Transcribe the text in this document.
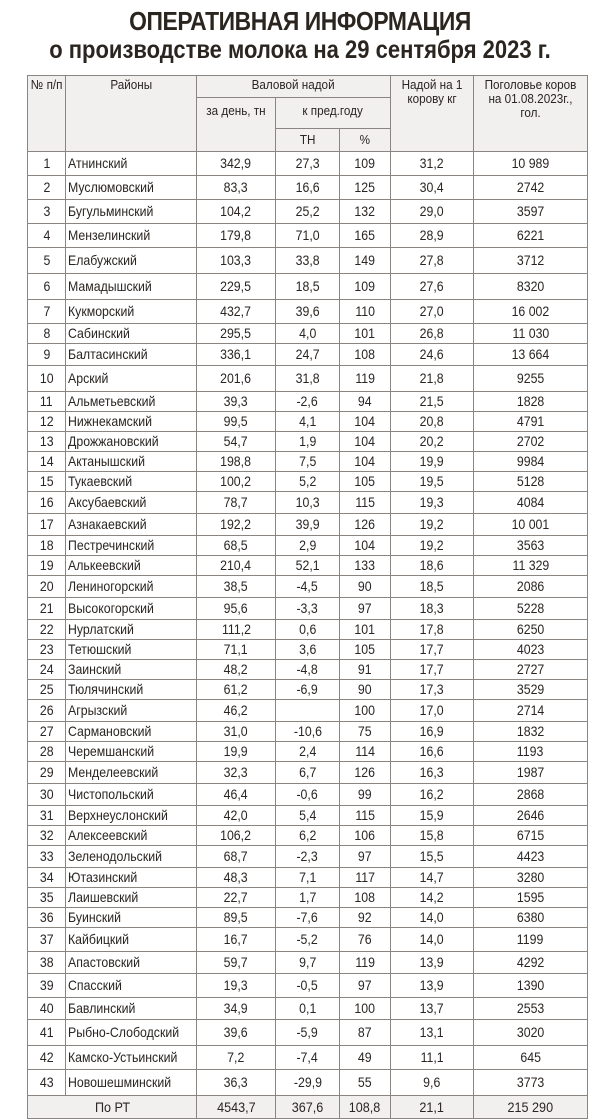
ОПЕРАТИВНАЯ ИНФОРМАЦИЯ
о производстве молока на 29 сентября 2023 г.
№ п/п	Районы	Валовой надой			Надой на 1 корову кг	Поголовье коров на 01.08.2023г., гол.
		за день, тн	к пред.году			
			ТН	%		
1	Атнинский	342,9	27,3	109	31,2	10 989
2	Муслюмовский	83,3	16,6	125	30,4	2742
3	Бугульминский	104,2	25,2	132	29,0	3597
4	Мензелинский	179,8	71,0	165	28,9	6221
5	Елабужский	103,3	33,8	149	27,8	3712
6	Мамадышский	229,5	18,5	109	27,6	8320
7	Кукморский	432,7	39,6	110	27,0	16 002
8	Сабинский	295,5	4,0	101	26,8	11 030
9	Балтасинский	336,1	24,7	108	24,6	13 664
10	Арский	201,6	31,8	119	21,8	9255
11	Альметьевский	39,3	-2,6	94	21,5	1828
12	Нижнекамский	99,5	4,1	104	20,8	4791
13	Дрожжановский	54,7	1,9	104	20,2	2702
14	Актанышский	198,8	7,5	104	19,9	9984
15	Тукаевский	100,2	5,2	105	19,5	5128
16	Аксубаевский	78,7	10,3	115	19,3	4084
17	Азнакаевский	192,2	39,9	126	19,2	10 001
18	Пестречинский	68,5	2,9	104	19,2	3563
19	Алькеевский	210,4	52,1	133	18,6	11 329
20	Лениногорский	38,5	-4,5	90	18,5	2086
21	Высокогорский	95,6	-3,3	97	18,3	5228
22	Нурлатский	111,2	0,6	101	17,8	6250
23	Тетюшский	71,1	3,6	105	17,7	4023
24	Заинский	48,2	-4,8	91	17,7	2727
25	Тюлячинский	61,2	-6,9	90	17,3	3529
26	Агрызский	46,2		100	17,0	2714
27	Сармановский	31,0	-10,6	75	16,9	1832
28	Черемшанский	19,9	2,4	114	16,6	1193
29	Менделеевский	32,3	6,7	126	16,3	1987
30	Чистопольский	46,4	-0,6	99	16,2	2868
31	Верхнеуслонский	42,0	5,4	115	15,9	2646
32	Алексеевский	106,2	6,2	106	15,8	6715
33	Зеленодольский	68,7	-2,3	97	15,5	4423
34	Ютазинский	48,3	7,1	117	14,7	3280
35	Лаишевский	22,7	1,7	108	14,2	1595
36	Буинский	89,5	-7,6	92	14,0	6380
37	Кайбицкий	16,7	-5,2	76	14,0	1199
38	Апастовский	59,7	9,7	119	13,9	4292
39	Спасский	19,3	-0,5	97	13,9	1390
40	Бавлинский	34,9	0,1	100	13,7	2553
41	Рыбно-Слободский	39,6	-5,9	87	13,1	3020
42	Камско-Устьинский	7,2	-7,4	49	11,1	645
43	Новошешминский	36,3	-29,9	55	9,6	3773
По РТ		4543,7	367,6	108,8	21,1	215 290
